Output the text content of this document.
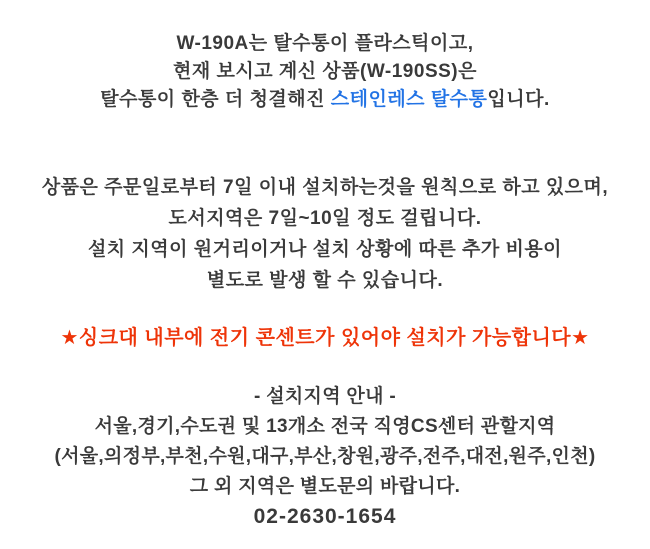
W-190A는 탈수통이 플라스틱이고,
현재 보시고 계신 상품(W-190SS)은
탈수통이 한층 더 청결해진 스테인레스 탈수통입니다.

상품은 주문일로부터 7일 이내 설치하는것을 원칙으로 하고 있으며,
도서지역은 7일~10일 정도 걸립니다.
설치 지역이 원거리이거나 설치 상황에 따른 추가 비용이
별도로 발생 할 수 있습니다.

★싱크대 내부에 전기 콘센트가 있어야 설치가 가능합니다★

- 설치지역 안내 -
서울,경기,수도권 및 13개소 전국 직영CS센터 관할지역
(서울,의정부,부천,수원,대구,부산,창원,광주,전주,대전,원주,인천)
그 외 지역은 별도문의 바랍니다.
02-2630-1654
